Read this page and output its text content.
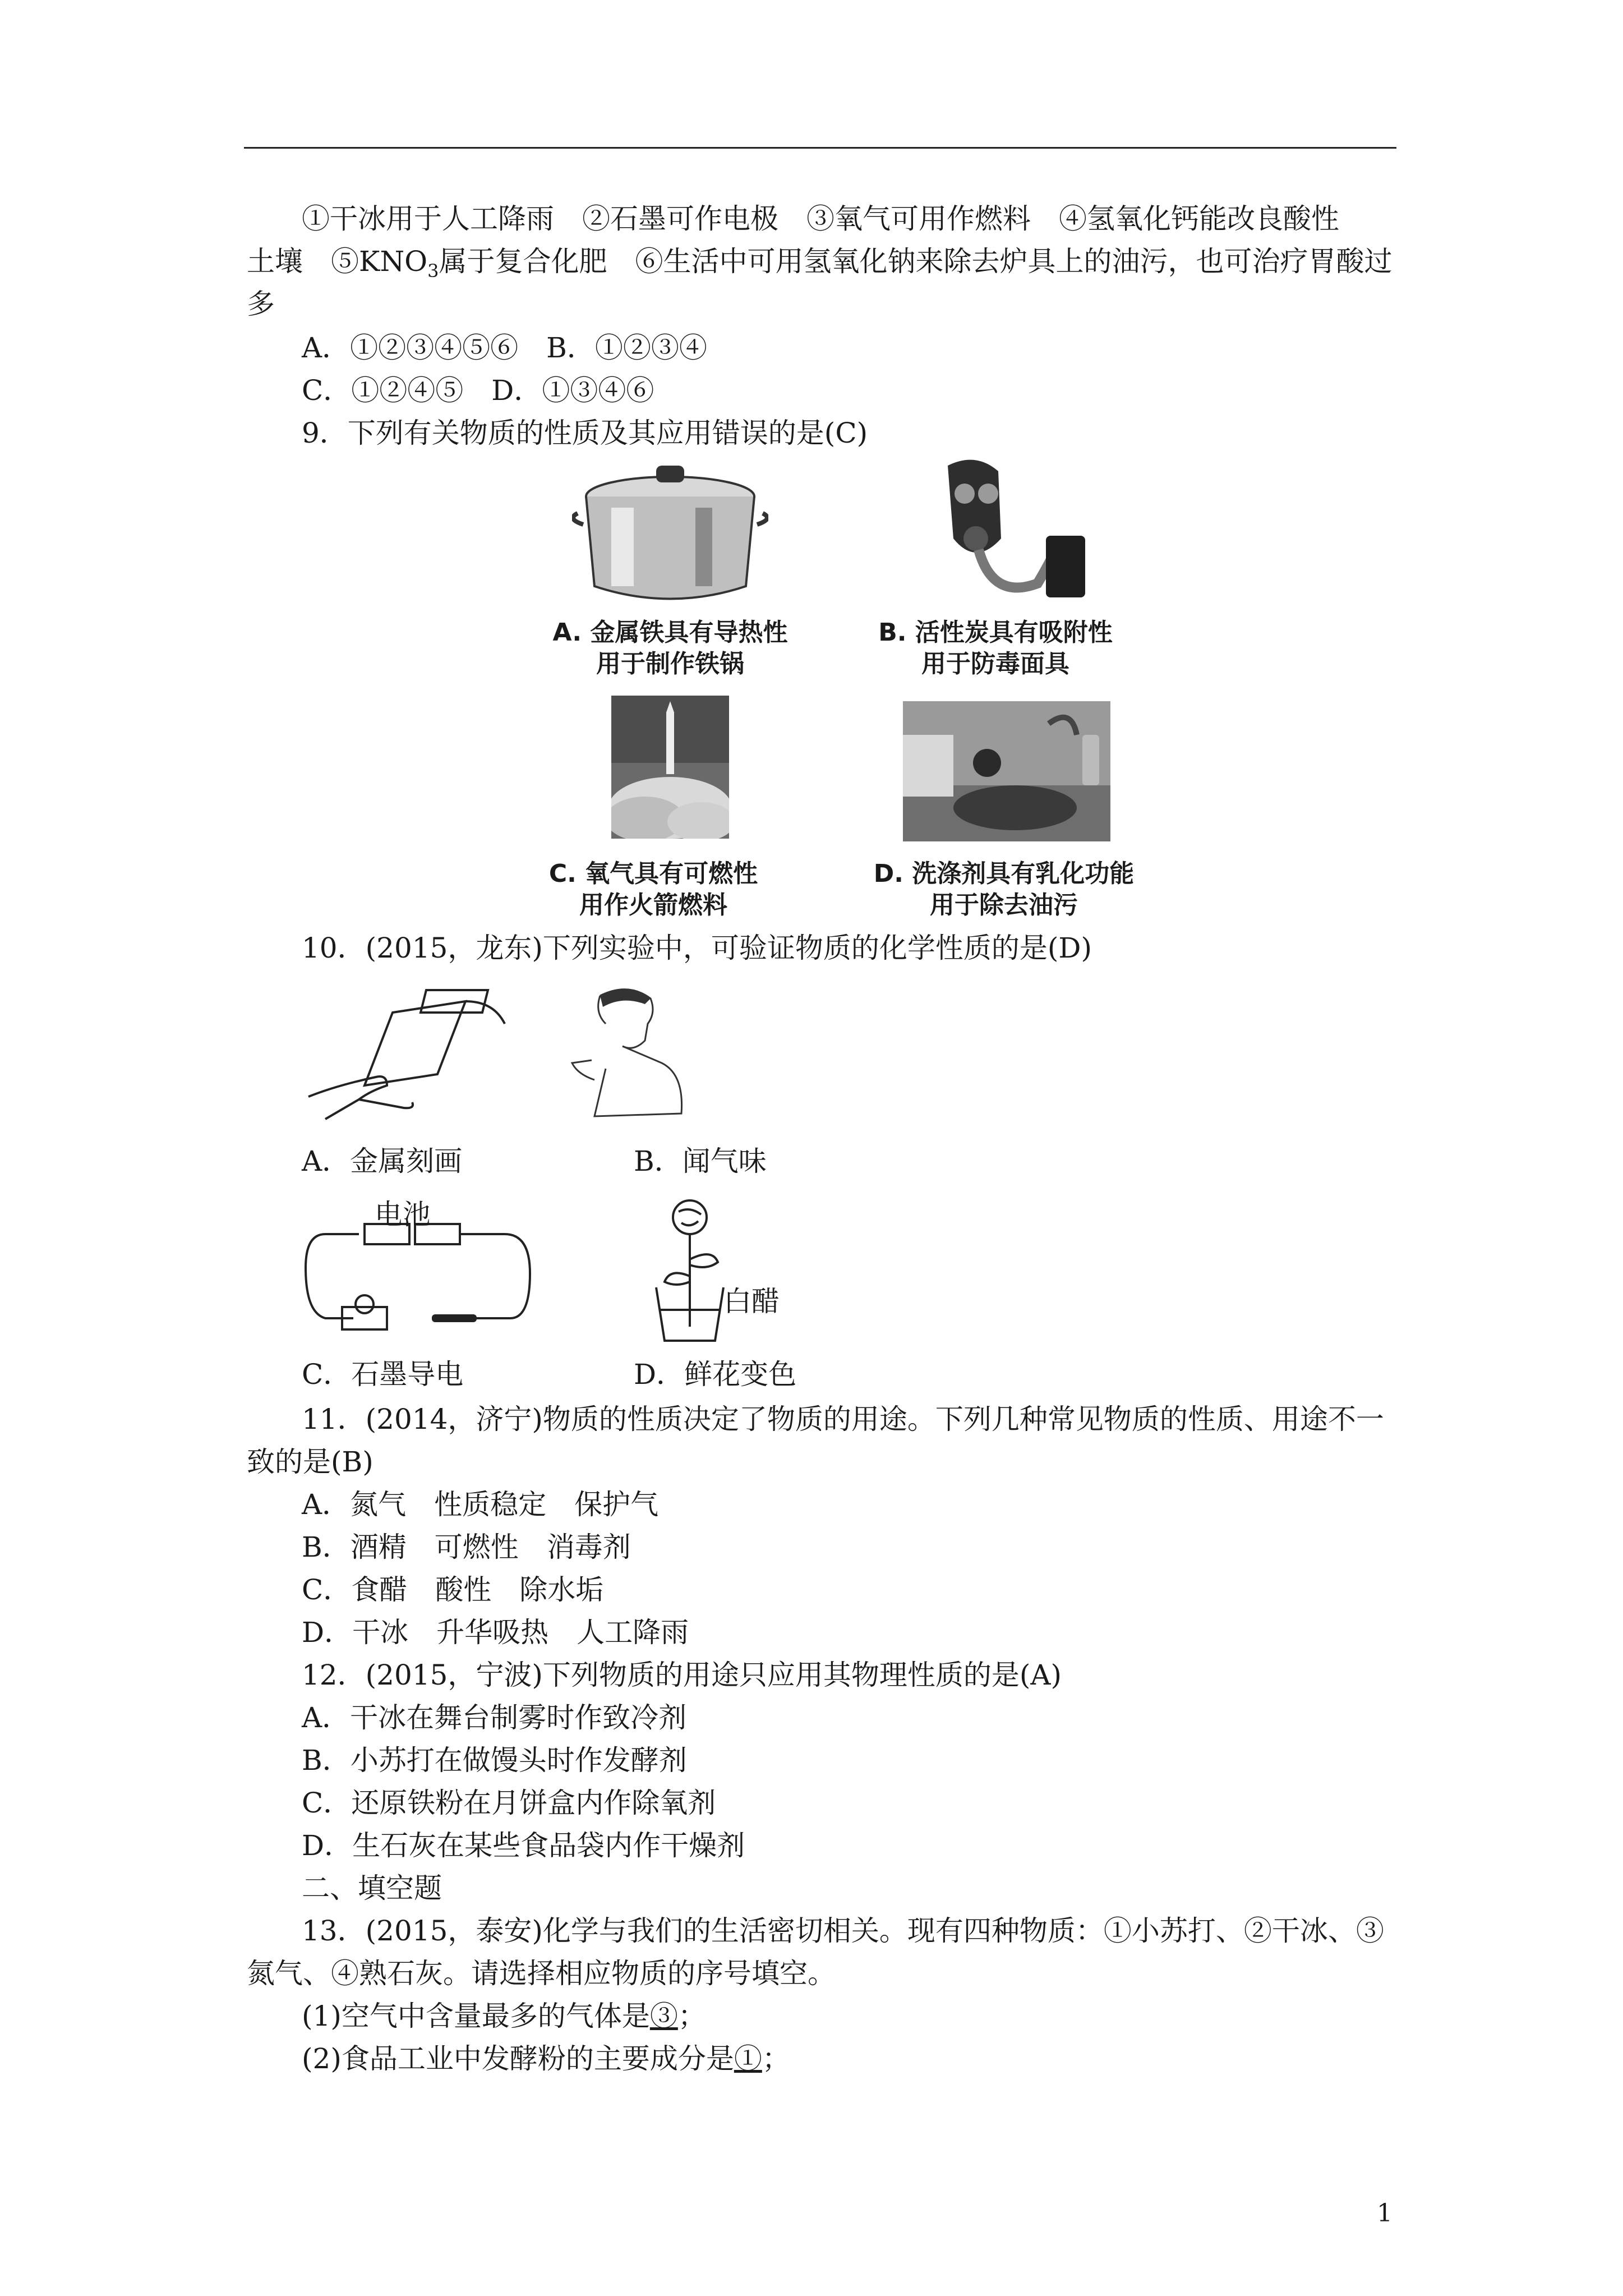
①干冰用于人工降雨　②石墨可作电极　③氧气可用作燃料　④氢氧化钙能改良酸性
土壤　$⑤KNO_3$属于复合化肥　⑥生活中可用氢氧化钠来除去炉具上的油污，也可治疗胃酸过
多
A．①②③④⑤⑥　B．①②③④
C．①②④⑤　D．①③④⑥
9．下列有关物质的性质及其应用错误的是(C)
A. 金属铁具有导热性
用于制作铁锅
B. 活性炭具有吸附性
用于防毒面具
C. 氧气具有可燃性
用作火箭燃料
D. 洗涤剂具有乳化功能
用于除去油污
10．(2015，龙东)下列实验中，可验证物质的化学性质的是(D)
A．金属刻画	B．闻气味
电池
白醋
C．石墨导电	D．鲜花变色
11．(2014，济宁)物质的性质决定了物质的用途。下列几种常见物质的性质、用途不一
致的是(B)
A．氮气　性质稳定　保护气
B．酒精　可燃性　消毒剂
C．食醋　酸性　除水垢
D．干冰　升华吸热　人工降雨
12．(2015，宁波)下列物质的用途只应用其物理性质的是(A)
A．干冰在舞台制雾时作致冷剂
B．小苏打在做馒头时作发酵剂
C．还原铁粉在月饼盒内作除氧剂
D．生石灰在某些食品袋内作干燥剂
二、填空题
13．(2015，泰安)化学与我们的生活密切相关。现有四种物质：①小苏打、②干冰、③
氮气、④熟石灰。请选择相应物质的序号填空。
(1)空气中含量最多的气体是③；
(2)食品工业中发酵粉的主要成分是①；
1
